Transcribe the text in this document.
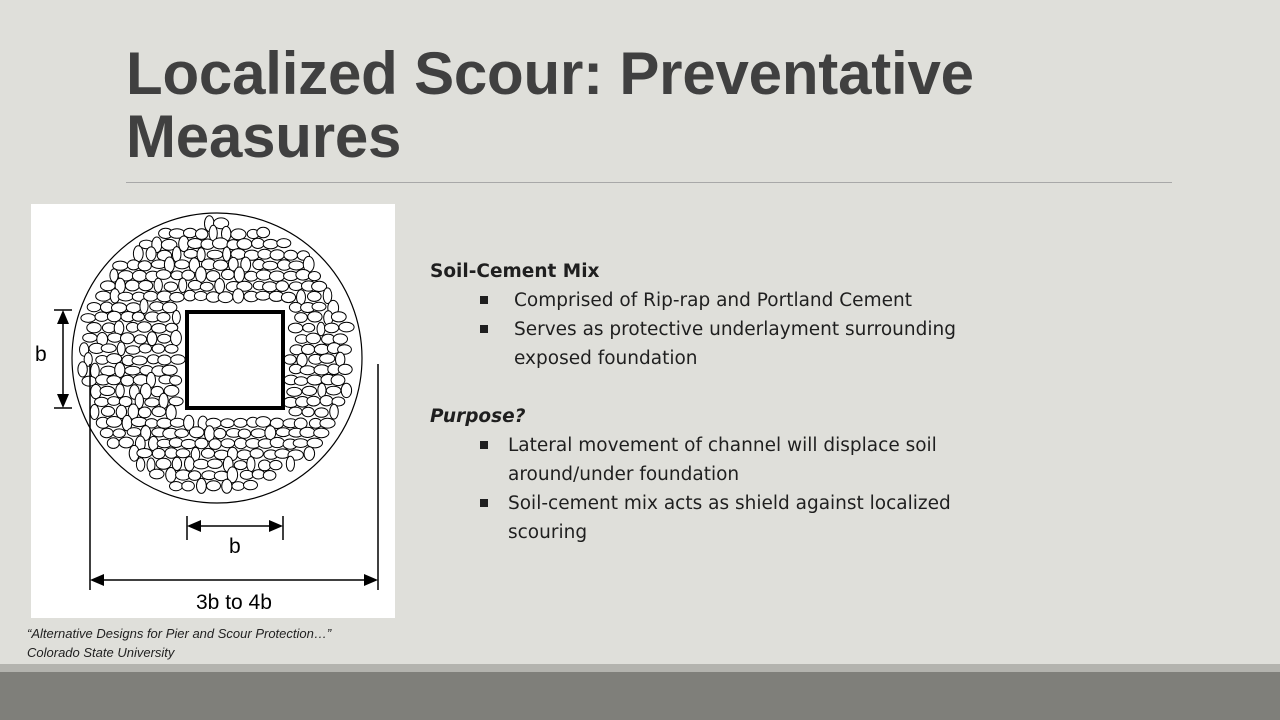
Localized Scour: Preventative Measures
b
b
3b to 4b
“Alternative Designs for Pier and Scour Protection…”
Colorado State University

Soil-Cement Mix

Comprised of Rip-rap and Portland Cement
Serves as protective underlayment surrounding exposed foundation

Purpose?

Lateral movement of channel will displace soil around/under foundation
Soil-cement mix acts as shield against localized scouring
